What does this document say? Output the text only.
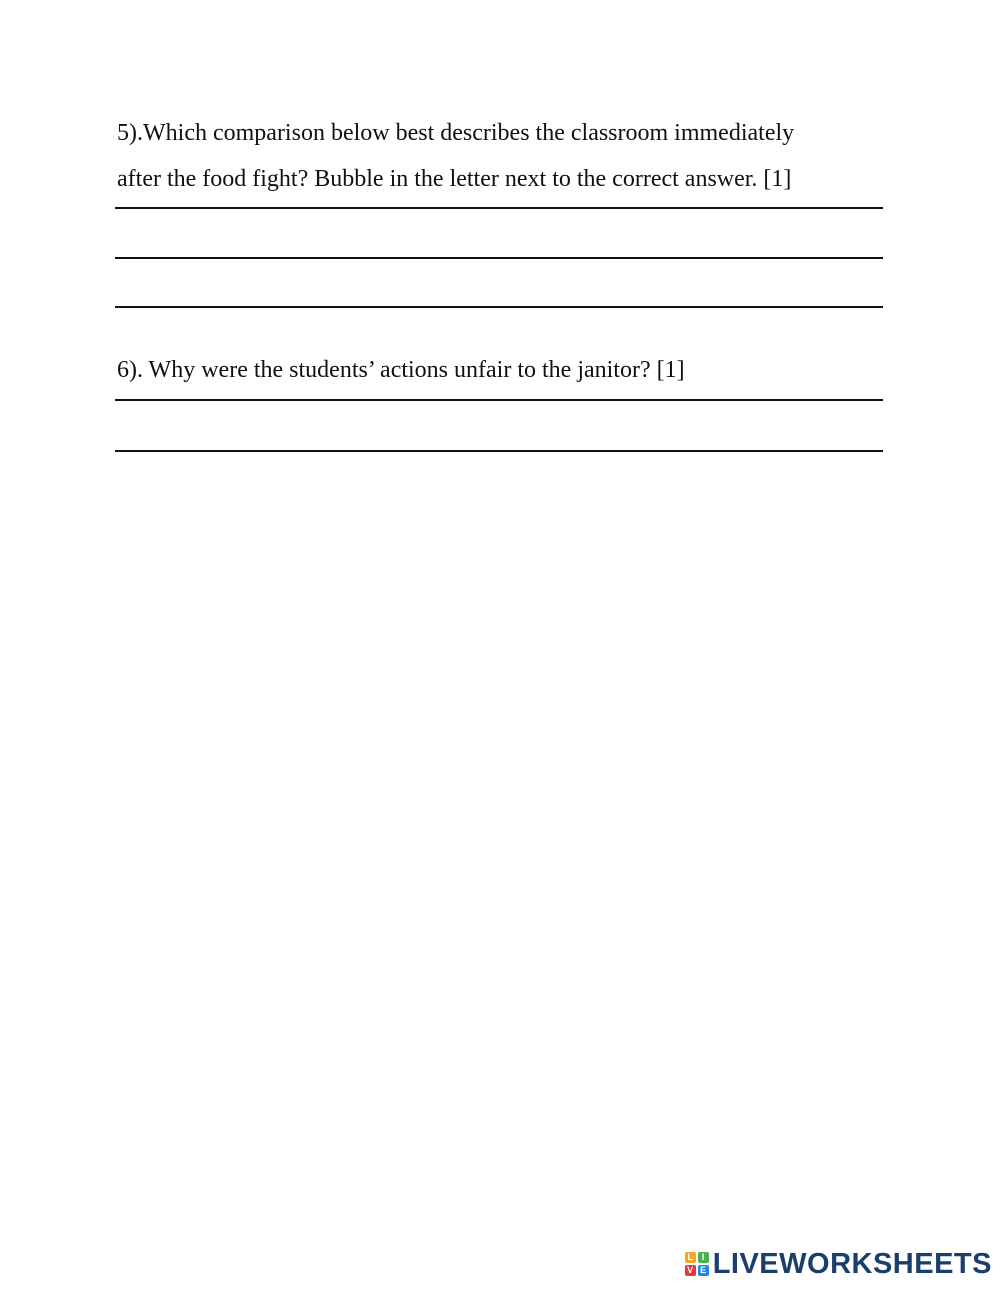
5).Which comparison below best describes the classroom immediately

after the food fight? Bubble in the letter next to the correct answer. [1]

6). Why were the students’ actions unfair to the janitor? [1]

L I
V E LIVEWORKSHEETS
